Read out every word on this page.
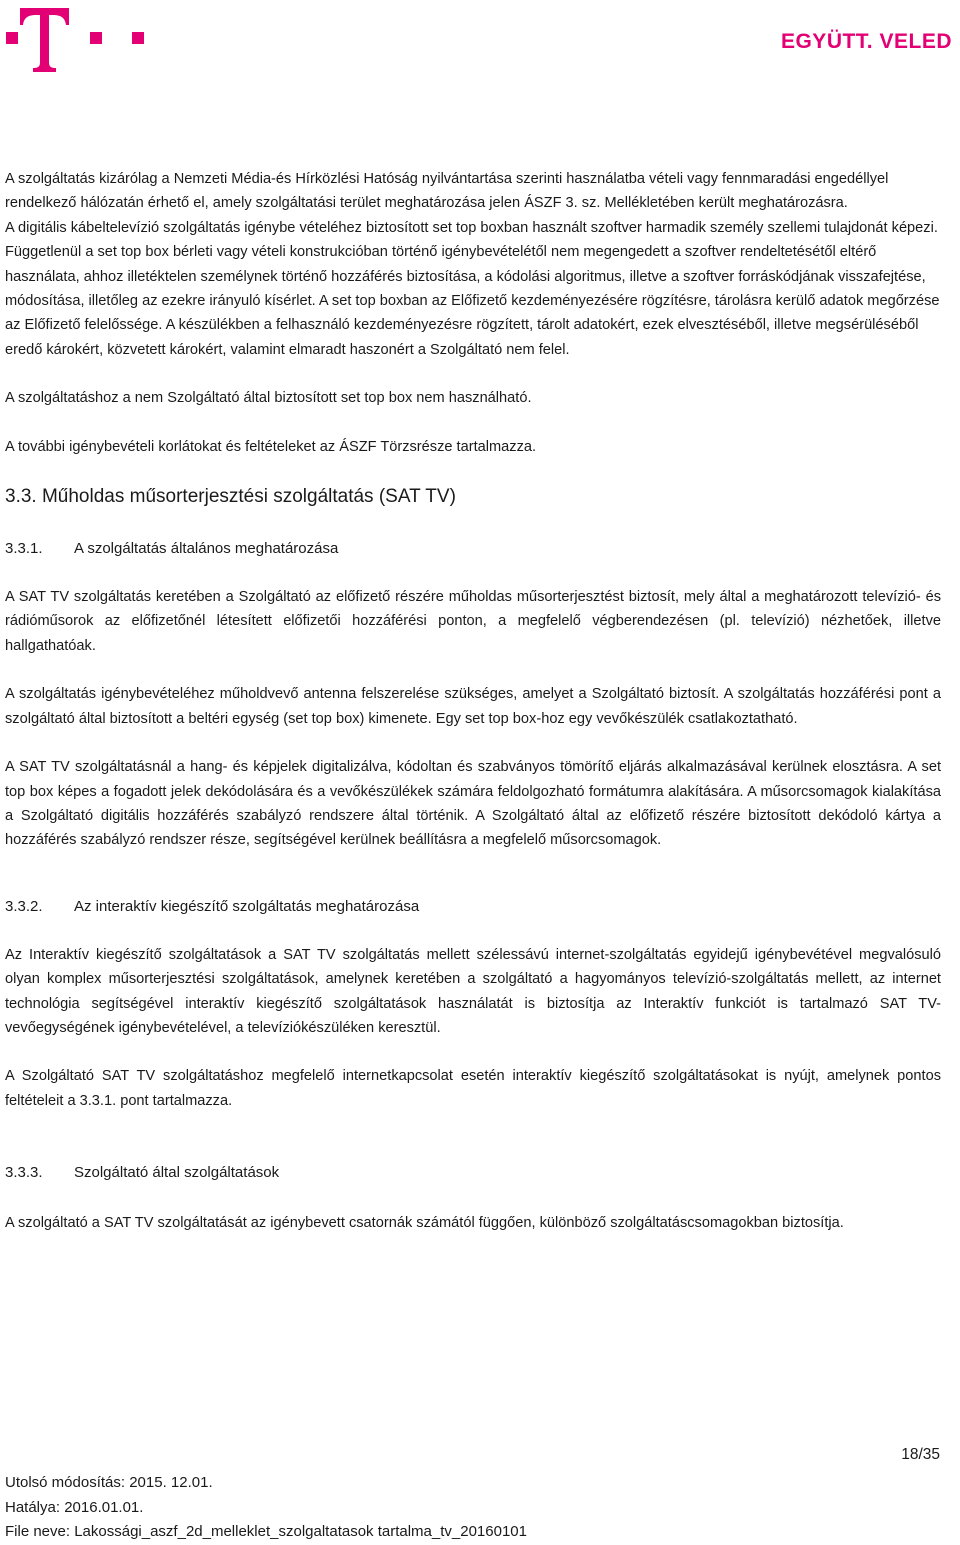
EGYÜTT. VELED

A szolgáltatás kizárólag a Nemzeti Média-és Hírközlési Hatóság nyilvántartása szerinti használatba vételi vagy fennmaradási engedéllyel rendelkező hálózatán érhető el, amely szolgáltatási terület meghatározása jelen ÁSZF 3. sz. Mellékletében került meghatározásra.

A digitális kábeltelevízió szolgáltatás igénybe vételéhez biztosított set top boxban használt szoftver harmadik személy szellemi tulajdonát képezi. Függetlenül a set top box bérleti vagy vételi konstrukcióban történő igénybevételétől nem megengedett a szoftver rendeltetésétől eltérő használata, ahhoz illetéktelen személynek történő hozzáférés biztosítása, a kódolási algoritmus, illetve a szoftver forráskódjának visszafejtése, módosítása, illetőleg az ezekre irányuló kísérlet. A set top boxban az Előfizető kezdeményezésére rögzítésre, tárolásra kerülő adatok megőrzése az Előfizető felelőssége. A készülékben a felhasználó kezdeményezésre rögzített, tárolt adatokért, ezek elvesztéséből, illetve megsérüléséből eredő károkért, közvetett károkért, valamint elmaradt haszonért a Szolgáltató nem felel.

A szolgáltatáshoz a nem Szolgáltató által biztosított set top box nem használható.

A további igénybevételi korlátokat és feltételeket az ÁSZF Törzsrésze tartalmazza.

3.3. Műholdas műsorterjesztési szolgáltatás (SAT TV)

3.3.1. A szolgáltatás általános meghatározása

A SAT TV szolgáltatás keretében a Szolgáltató az előfizető részére műholdas műsorterjesztést biztosít, mely által a meghatározott televízió- és rádióműsorok az előfizetőnél létesített előfizetői hozzáférési ponton, a megfelelő végberendezésen (pl. televízió) nézhetőek, illetve hallgathatóak.

A szolgáltatás igénybevételéhez műholdvevő antenna felszerelése szükséges, amelyet a Szolgáltató biztosít. A szolgáltatás hozzáférési pont a szolgáltató által biztosított a beltéri egység (set top box) kimenete. Egy set top box-hoz egy vevőkészülék csatlakoztatható.

A SAT TV szolgáltatásnál a hang- és képjelek digitalizálva, kódoltan és szabványos tömörítő eljárás alkalmazásával kerülnek elosztásra. A set top box képes a fogadott jelek dekódolására és a vevőkészülékek számára feldolgozható formátumra alakítására. A műsorcsomagok kialakítása a Szolgáltató digitális hozzáférés szabályzó rendszere által történik. A Szolgáltató által az előfizető részére biztosított dekódoló kártya a hozzáférés szabályzó rendszer része, segítségével kerülnek beállításra a megfelelő műsorcsomagok.

3.3.2. Az interaktív kiegészítő szolgáltatás meghatározása

Az Interaktív kiegészítő szolgáltatások a SAT TV szolgáltatás mellett szélessávú internet-szolgáltatás egyidejű igénybevétével megvalósuló olyan komplex műsorterjesztési szolgáltatások, amelynek keretében a szolgáltató a hagyományos televízió-szolgáltatás mellett, az internet technológia segítségével interaktív kiegészítő szolgáltatások használatát is biztosítja az Interaktív funkciót is tartalmazó SAT TV-vevőegységének igénybevételével, a televíziókészüléken keresztül.

A Szolgáltató SAT TV szolgáltatáshoz megfelelő internetkapcsolat esetén interaktív kiegészítő szolgáltatásokat is nyújt, amelynek pontos feltételeit a 3.3.1. pont tartalmazza.

3.3.3. Szolgáltató által szolgáltatások

A szolgáltató a SAT TV szolgáltatását az igénybevett csatornák számától függően, különböző szolgáltatáscsomagokban biztosítja.

18/35
Utolsó módosítás: 2015. 12.01.
Hatálya: 2016.01.01.
File neve: Lakossági_aszf_2d_melleklet_szolgaltatasok tartalma_tv_20160101
